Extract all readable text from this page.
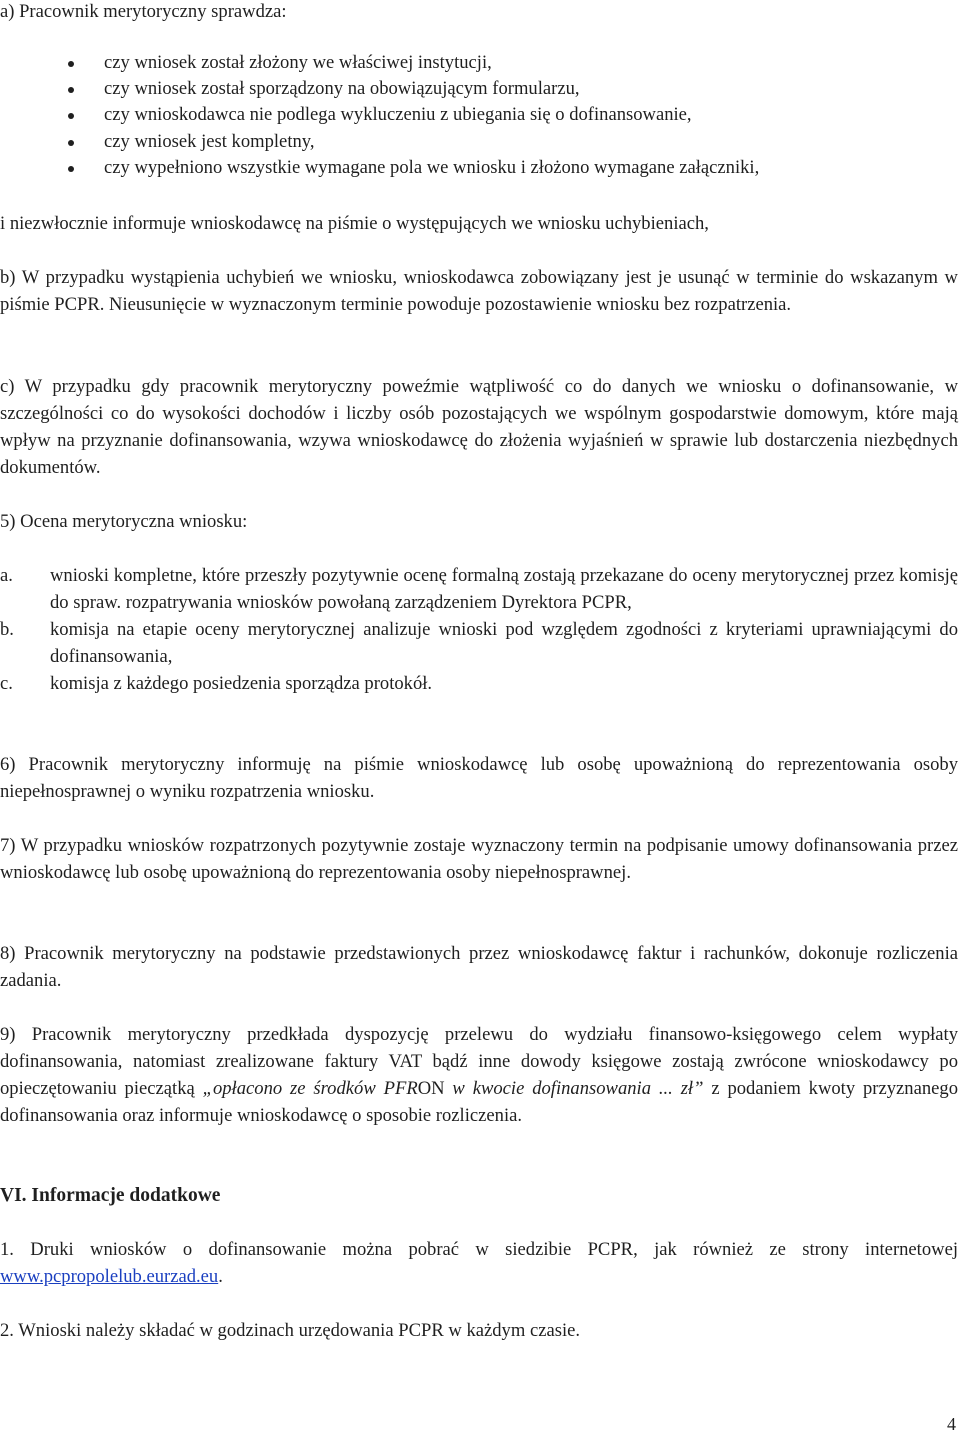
a) Pracownik merytoryczny sprawdza:
czy wniosek został złożony we właściwej instytucji,
czy wniosek został sporządzony na obowiązującym formularzu,
czy wnioskodawca nie podlega wykluczeniu z ubiegania się o dofinansowanie,
czy wniosek jest kompletny,
czy wypełniono wszystkie wymagane pola we wniosku i złożono wymagane załączniki,

i niezwłocznie informuje wnioskodawcę na piśmie o występujących we wniosku uchybieniach,

b) W przypadku wystąpienia uchybień we wniosku, wnioskodawca zobowiązany jest je usunąć w terminie do wskazanym w piśmie PCPR. Nieusunięcie w wyznaczonym terminie powoduje pozostawienie wniosku bez rozpatrzenia.

c) W przypadku gdy pracownik merytoryczny poweźmie wątpliwość co do danych we wniosku o dofinansowanie, w szczególności co do wysokości dochodów i liczby osób pozostających we wspólnym gospodarstwie domowym, które mają wpływ na przyznanie dofinansowania, wzywa wnioskodawcę do złożenia wyjaśnień w sprawie lub dostarczenia niezbędnych dokumentów.

5) Ocena merytoryczna wniosku:

a.	wnioski kompletne, które przeszły pozytywnie ocenę formalną zostają przekazane do oceny merytorycznej przez komisję do spraw. rozpatrywania wniosków powołaną zarządzeniem Dyrektora PCPR,
b.	komisja na etapie oceny merytorycznej analizuje wnioski pod względem zgodności z kryteriami uprawniającymi do dofinansowania,
c.	komisja z każdego posiedzenia sporządza protokół.

6) Pracownik merytoryczny informuję na piśmie wnioskodawcę lub osobę upoważnioną do reprezentowania osoby niepełnosprawnej o wyniku rozpatrzenia wniosku.

7) W przypadku wniosków rozpatrzonych pozytywnie zostaje wyznaczony termin na podpisanie umowy dofinansowania przez wnioskodawcę lub osobę upoważnioną do reprezentowania osoby niepełnosprawnej.

8) Pracownik merytoryczny na podstawie przedstawionych przez wnioskodawcę faktur i rachunków, dokonuje rozliczenia zadania.

9) Pracownik merytoryczny przedkłada dyspozycję przelewu do wydziału finansowo-księgowego celem wypłaty dofinansowania, natomiast zrealizowane faktury VAT bądź inne dowody księgowe zostają zwrócone wnioskodawcy po opieczętowaniu pieczątką „opłacono ze środków PFRON w kwocie dofinansowania ... zł” z podaniem kwoty przyznanego dofinansowania oraz informuje wnioskodawcę o sposobie rozliczenia.

VI. Informacje dodatkowe

1. Druki wniosków o dofinansowanie można pobrać w siedzibie PCPR, jak również ze strony internetowej www.pcpropolelub.eurzad.eu.

2. Wnioski należy składać w godzinach urzędowania PCPR w każdym czasie.

4
